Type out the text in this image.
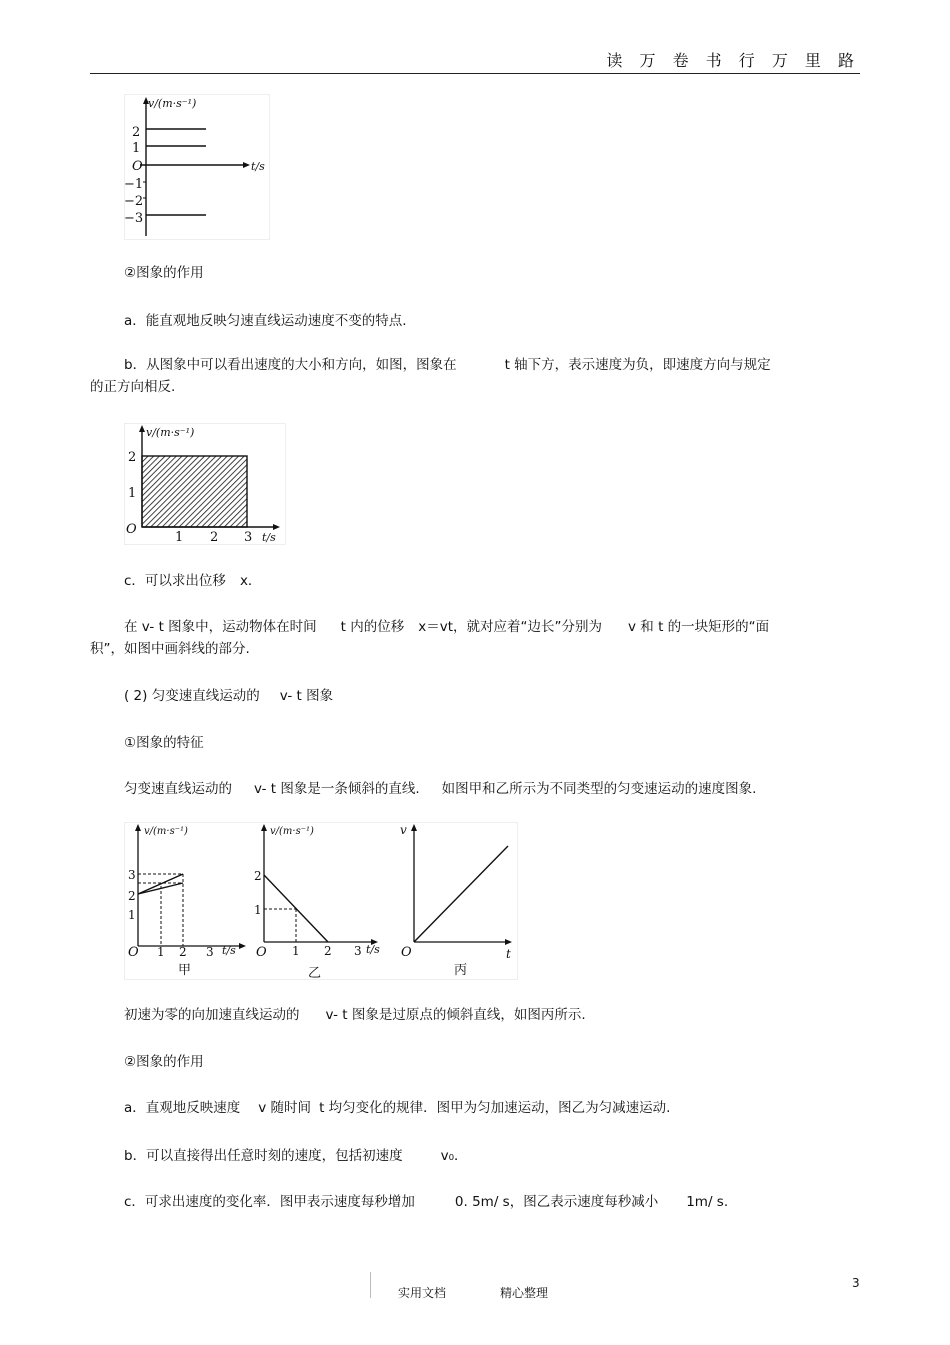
读 万 卷 书 行 万 里 路
v/(m·s⁻¹)
t/s
O
2
1
−1
−2
−3
②图象的作用
a．能直观地反映匀速直线运动速度不变的特点.
b．从图象中可以看出速度的大小和方向，如图，图象在	t 轴下方，表示速度为负，即速度方向与规定
的正方向相反.
v/(m·s⁻¹)
t/s
O
2
1
1 2 3
c．可以求出位移 x．
在 v- t 图象中，运动物体在时间 t 内的位移 x＝vt，就对应着“边长”分别为 v 和 t 的一块矩形的“面
积”，如图中画斜线的部分.
( 2) 匀变速直线运动的 v- t 图象
①图象的特征
匀变速直线运动的 v- t 图象是一条倾斜的直线. 如图甲和乙所示为不同类型的匀变速运动的速度图象.
v/(m·s⁻¹)
t/s
O
3
2
1
1 2 3
甲
v/(m·s⁻¹)
t/s
O
2
1
1 2 3
乙
v
t
O
丙
初速为零的向加速直线运动的 v- t 图象是过原点的倾斜直线，如图丙所示.
②图象的作用
a．直观地反映速度 v 随时间 t 均匀变化的规律．图甲为匀加速运动，图乙为匀减速运动.
b．可以直接得出任意时刻的速度，包括初速度	v₀．
c．可求出速度的变化率．图甲表示速度每秒增加	0. 5m/ s，图乙表示速度每秒减小 1m/ s.
实用文档	精心整理
3
